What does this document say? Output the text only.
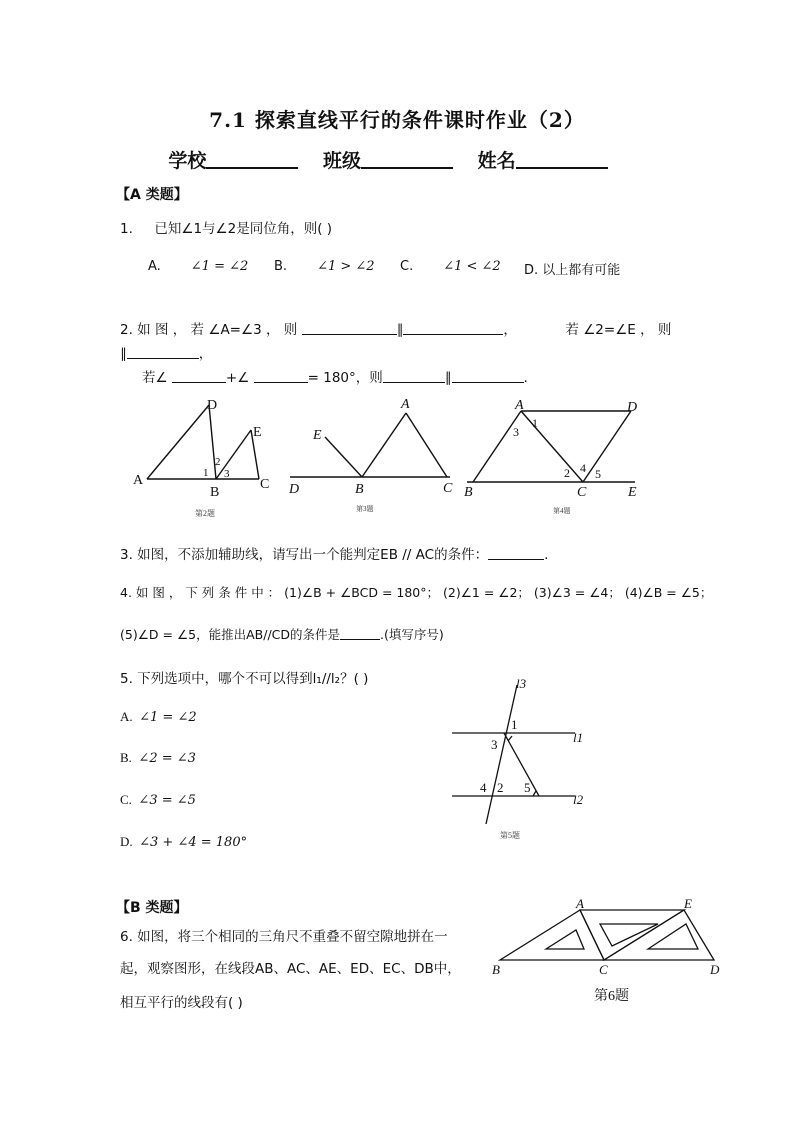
7.1 探索直线平行的条件课时作业（2）
学校	班级	姓名
【A 类题】
1. 已知∠1与∠2是同位角，则( )
A. ∠1 = ∠2 B. ∠1 > ∠2 C. ∠1 < ∠2 D. 以上都有可能
2. 如 图 ， 若 ∠A=∠3 ， 则	∥	，	若 ∠2=∠E ， 则
∥	，
若∠	+∠	= 180°，则	∥	.
D
E
A
B
C
1
2
3
第2题
A
E
D	B	C
第3题
A	D
B	C	E
1
2
3
4 5
第4题
3. 如图，不添加辅助线，请写出一个能判定EB // AC的条件：	.
4. 如 图 ， 下 列 条 件 中 ： (1)∠B + ∠BCD = 180°； (2)∠1 = ∠2； (3)∠3 = ∠4； (4)∠B = ∠5；
(5)∠D = ∠5，能推出AB//CD的条件是	.(填写序号)
5. 下列选项中，哪个不可以得到l₁//l₂？( )
A. ∠1 = ∠2
B. ∠2 = ∠3
C. ∠3 = ∠5
D. ∠3 + ∠4 = 180°
l3
l1
l2
1
2
3
4	5
第5题
【B 类题】
6. 如图，将三个相同的三角尺不重叠不留空隙地拼在一
起，观察图形，在线段AB、AC、AE、ED、EC、DB中，
相互平行的线段有( )
A	E
B	C	D
第6题
